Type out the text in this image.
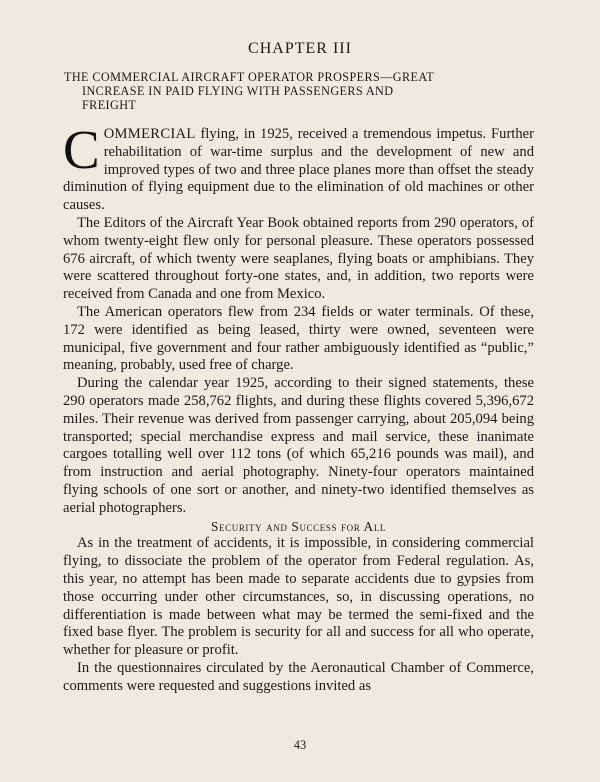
CHAPTER III
THE COMMERCIAL AIRCRAFT OPERATOR PROSPERS—GREAT
INCREASE IN PAID FLYING WITH PASSENGERS AND
FREIGHT

COMMERCIAL flying, in 1925, received a tremendous impetus. Further rehabilitation of war-time surplus and the development of new and improved types of two and three place planes more than offset the steady diminution of flying equipment due to the elimination of old machines or other causes.

The Editors of the Aircraft Year Book obtained reports from 290 operators, of whom twenty-eight flew only for personal pleasure. These operators possessed 676 aircraft, of which twenty were seaplanes, flying boats or amphibians. They were scattered throughout forty-one states, and, in addition, two reports were received from Canada and one from Mexico.

The American operators flew from 234 fields or water terminals. Of these, 172 were identified as being leased, thirty were owned, seventeen were municipal, five government and four rather ambiguously identified as “public,” meaning, probably, used free of charge.

During the calendar year 1925, according to their signed statements, these 290 operators made 258,762 flights, and during these flights covered 5,396,672 miles. Their revenue was derived from passenger carrying, about 205,094 being transported; special merchandise express and mail service, these inanimate cargoes totalling well over 112 tons (of which 65,216 pounds was mail), and from instruction and aerial photography. Ninety-four operators maintained flying schools of one sort or another, and ninety-two identified themselves as aerial photographers.

Security and Success for All

As in the treatment of accidents, it is impossible, in considering commercial flying, to dissociate the problem of the operator from Federal regulation. As, this year, no attempt has been made to separate accidents due to gypsies from those occurring under other circumstances, so, in discussing operations, no differentiation is made between what may be termed the semi-fixed and the fixed base flyer. The problem is security for all and success for all who operate, whether for pleasure or profit.

In the questionnaires circulated by the Aeronautical Chamber of Commerce, comments were requested and suggestions invited as

43
